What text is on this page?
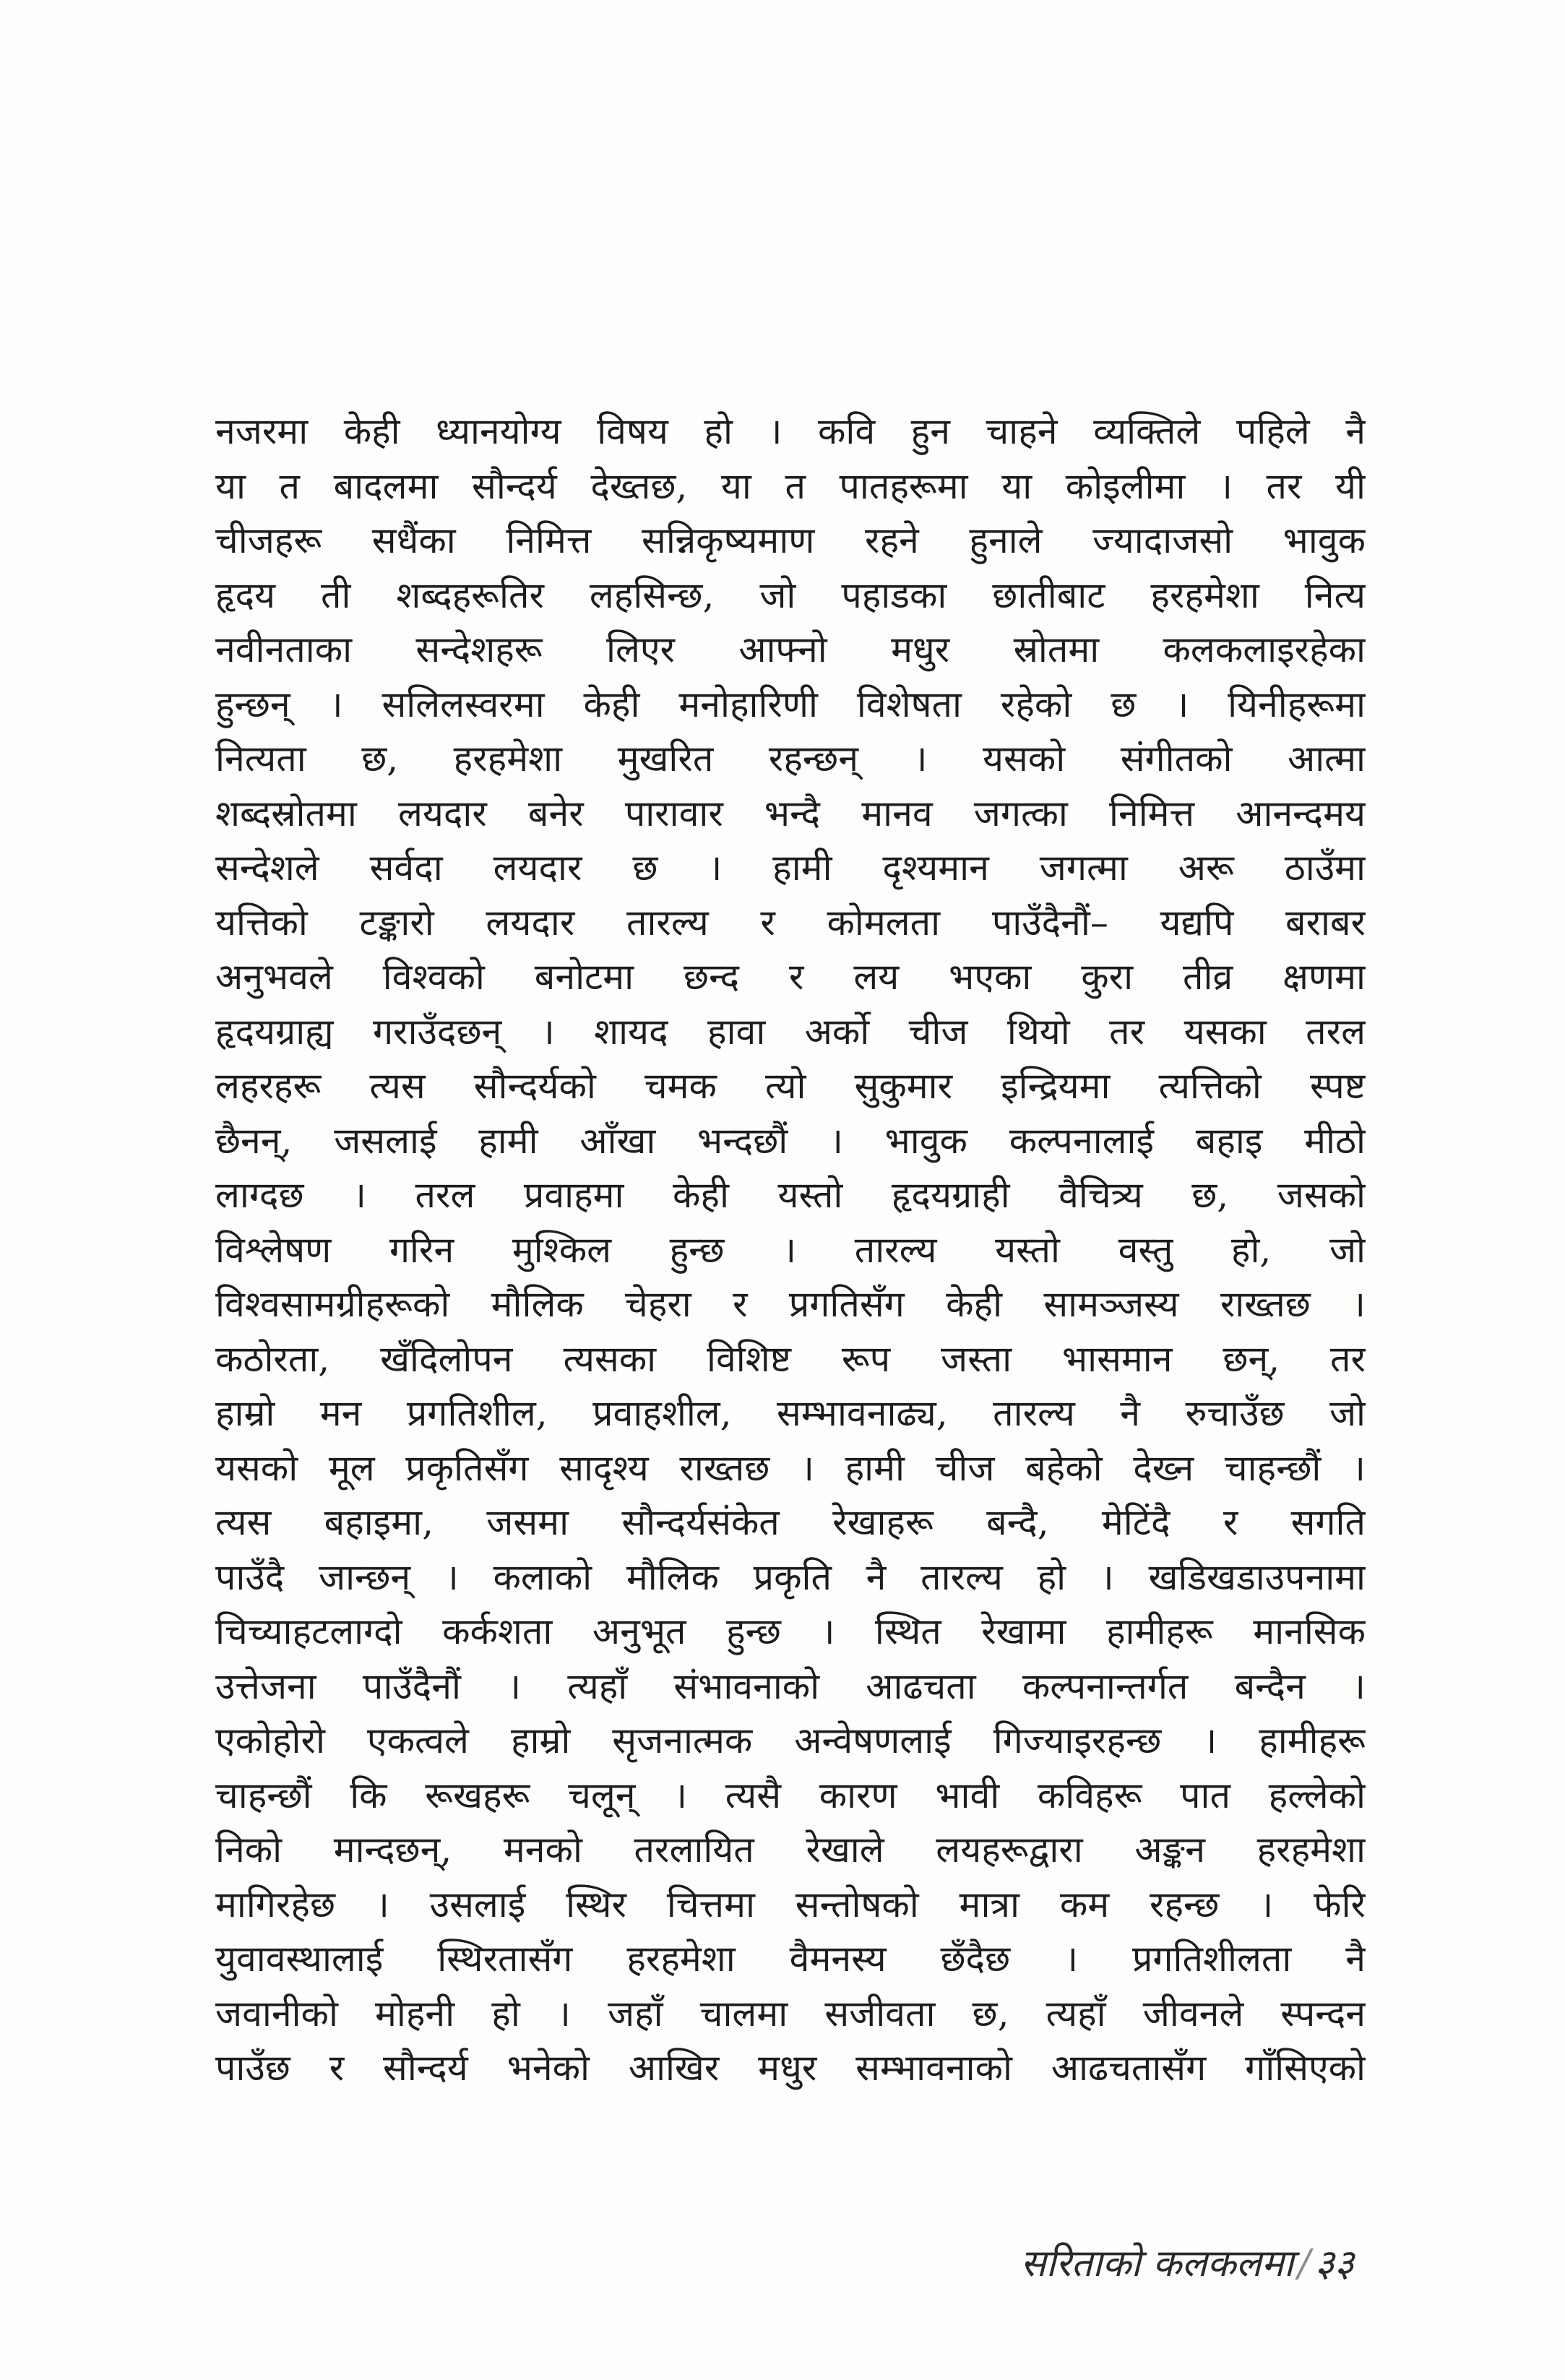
नजरमा केही ध्यानयोग्य विषय हो । कवि हुन चाहने व्यक्तिले पहिले नै
या त बादलमा सौन्दर्य देख्तछ, या त पातहरूमा या कोइलीमा । तर यी
चीजहरू सधैंका निमित्त सन्निकृष्यमाण रहने हुनाले ज्यादाजसो भावुक
हृदय ती शब्दहरूतिर लहसिन्छ, जो पहाडका छातीबाट हरहमेशा नित्य
नवीनताका सन्देशहरू लिएर आफ्नो मधुर स्रोतमा कलकलाइरहेका
हुन्छन् । सलिलस्वरमा केही मनोहारिणी विशेषता रहेको छ । यिनीहरूमा
नित्यता छ, हरहमेशा मुखरित रहन्छन् । यसको संगीतको आत्मा
शब्दस्रोतमा लयदार बनेर पारावार भन्दै मानव जगत्का निमित्त आनन्दमय
सन्देशले सर्वदा लयदार छ । हामी दृश्यमान जगत्मा अरू ठाउँमा
यत्तिको टङ्कारो लयदार तारल्य र कोमलता पाउँदैनौं– यद्यपि बराबर
अनुभवले विश्वको बनोटमा छन्द र लय भएका कुरा तीव्र क्षणमा
हृदयग्राह्य गराउँदछन् । शायद हावा अर्को चीज थियो तर यसका तरल
लहरहरू त्यस सौन्दर्यको चमक त्यो सुकुमार इन्द्रियमा त्यत्तिको स्पष्ट
छैनन्, जसलाई हामी आँखा भन्दछौं । भावुक कल्पनालाई बहाइ मीठो
लाग्दछ । तरल प्रवाहमा केही यस्तो हृदयग्राही वैचित्र्य छ, जसको
विश्लेषण गरिन मुश्किल हुन्छ । तारल्य यस्तो वस्तु हो, जो
विश्वसामग्रीहरूको मौलिक चेहरा र प्रगतिसँग केही सामञ्जस्य राख्तछ ।
कठोरता, खँदिलोपन त्यसका विशिष्ट रूप जस्ता भासमान छन्, तर
हाम्रो मन प्रगतिशील, प्रवाहशील, सम्भावनाढ्य, तारल्य नै रुचाउँछ जो
यसको मूल प्रकृतिसँग सादृश्य राख्तछ । हामी चीज बहेको देख्न चाहन्छौं ।
त्यस बहाइमा, जसमा सौन्दर्यसंकेत रेखाहरू बन्दै, मेटिंदै र सगति
पाउँदै जान्छन् । कलाको मौलिक प्रकृति नै तारल्य हो । खडिखडाउपनामा
चिच्याहटलाग्दो कर्कशता अनुभूत हुन्छ । स्थित रेखामा हामीहरू मानसिक
उत्तेजना पाउँदैनौं । त्यहाँ संभावनाको आढचता कल्पनान्तर्गत बन्दैन ।
एकोहोरो एकत्वले हाम्रो सृजनात्मक अन्वेषणलाई गिज्याइरहन्छ । हामीहरू
चाहन्छौं कि रूखहरू चलून् । त्यसै कारण भावी कविहरू पात हल्लेको
निको मान्दछन्, मनको तरलायित रेखाले लयहरूद्वारा अङ्कन हरहमेशा
मागिरहेछ । उसलाई स्थिर चित्तमा सन्तोषको मात्रा कम रहन्छ । फेरि
युवावस्थालाई स्थिरतासँग हरहमेशा वैमनस्य छँदैछ । प्रगतिशीलता नै
जवानीको मोहनी हो । जहाँ चालमा सजीवता छ, त्यहाँ जीवनले स्पन्दन
पाउँछ र सौन्दर्य भनेको आखिर मधुर सम्भावनाको आढचतासँग गाँसिएको
सरिताको कलकलमा / ३३
